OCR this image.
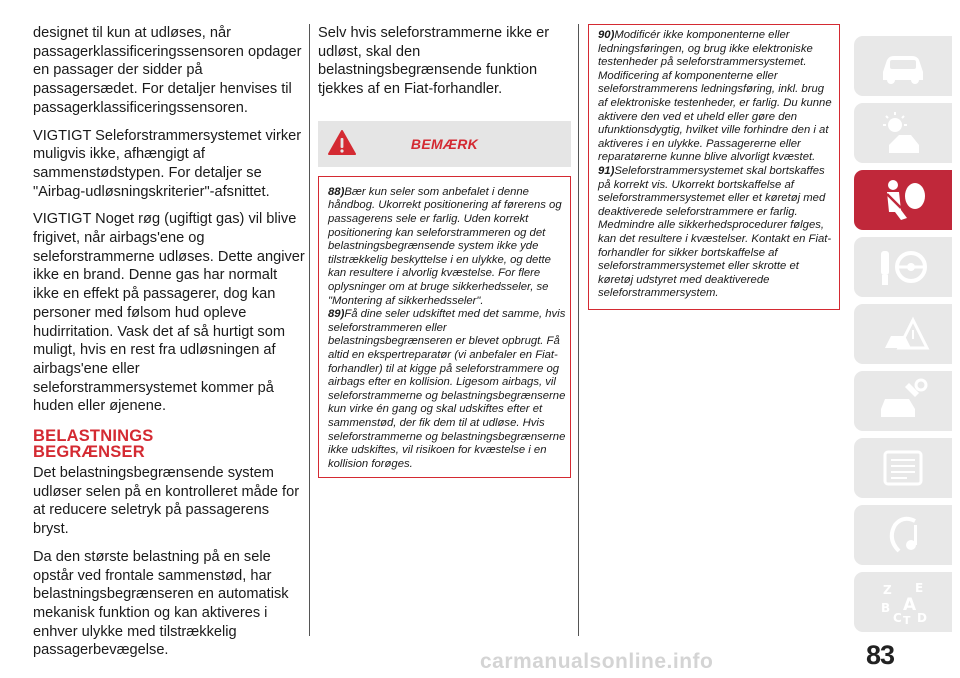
designet til kun at udløses, når passagerklassificeringssensoren opdager en passager der sidder på passagersædet. For detaljer henvises til passagerklassificeringssensoren.

VIGTIGT Seleforstrammersystemet virker muligvis ikke, afhængigt af sammenstødstypen. For detaljer se "Airbag-udløsningskriterier"-afsnittet.

VIGTIGT Noget røg (ugiftigt gas) vil blive frigivet, når airbags'ene og seleforstrammerne udløses. Dette angiver ikke en brand. Denne gas har normalt ikke en effekt på passagerer, dog kan personer med følsom hud opleve hudirritation. Vask det af så hurtigt som muligt, hvis en rest fra udløsningen af airbags'ene eller seleforstrammersystemet kommer på huden eller øjenene.

BELASTNINGS
BEGRÆNSER

Det belastningsbegrænsende system udløser selen på en kontrolleret måde for at reducere seletryk på passagerens bryst.

Da den største belastning på en sele opstår ved frontale sammenstød, har belastningsbegrænseren en automatisk mekanisk funktion og kan aktiveres i enhver ulykke med tilstrækkelig passagerbevægelse.

Selv hvis seleforstrammerne ikke er udløst, skal den belastningsbegrænsende funktion tjekkes af en Fiat-forhandler.

BEMÆRK

88)Bær kun seler som anbefalet i denne håndbog. Ukorrekt positionering af førerens og passagerens sele er farlig. Uden korrekt positionering kan seleforstrammeren og det belastningsbegrænsende system ikke yde tilstrækkelig beskyttelse i en ulykke, og dette kan resultere i alvorlig kvæstelse. For flere oplysninger om at bruge sikkerhedsseler, se "Montering af sikkerhedsseler".

89)Få dine seler udskiftet med det samme, hvis seleforstrammeren eller belastningsbegrænseren er blevet opbrugt. Få altid en ekspertreparatør (vi anbefaler en Fiat-forhandler) til at kigge på seleforstrammere og airbags efter en kollision. Ligesom airbags, vil seleforstrammerne og belastningsbegrænserne kun virke én gang og skal udskiftes efter et sammenstød, der fik dem til at udløse. Hvis seleforstrammerne og belastningsbegrænserne ikke udskiftes, vil risikoen for kvæstelse i en kollision forøges.

90)Modificér ikke komponenterne eller ledningsføringen, og brug ikke elektroniske testenheder på seleforstrammersystemet. Modificering af komponenterne eller seleforstrammerens ledningsføring, inkl. brug af elektroniske testenheder, er farlig. Du kunne aktivere den ved et uheld eller gøre den ufunktionsdygtig, hvilket ville forhindre den i at aktiveres i en ulykke. Passagererne eller reparatørerne kunne blive alvorligt kvæstet.

91)Seleforstrammersystemet skal bortskaffes på korrekt vis. Ukorrekt bortskaffelse af seleforstrammersystemet eller et køretøj med deaktiverede seleforstrammere er farlig. Medmindre alle sikkerhedsprocedurer følges, kan det resultere i kvæstelser. Kontakt en Fiat-forhandler for sikker bortskaffelse af seleforstrammersystemet eller skrotte et køretøj udstyret med deaktiverede seleforstrammersystem.

Z E
A
B
C T D
83
carmanualsonline.info
